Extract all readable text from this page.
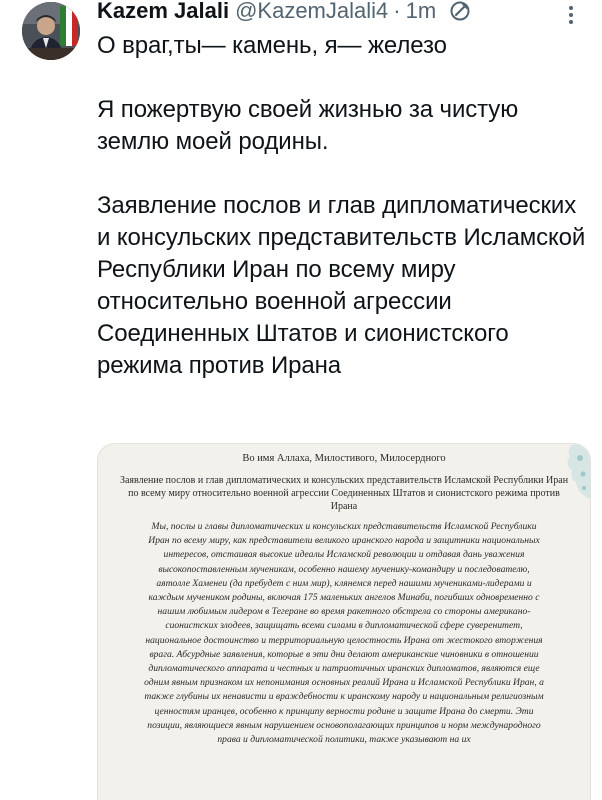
Kazem Jalali @KazemJalali4 · 1m

О враг,ты— камень, я— железо

Я пожертвую своей жизнью за чистую землю моей родины.

Заявление послов и глав дипломатических и консульских представительств Исламской Республики Иран по всему миру относительно военной агрессии Соединенных Штатов и сионистского режима против Ирана

Во имя Аллаха, Милостивого, Милосердного
Заявление послов и глав дипломатических и консульских представительств Исламской Республики Иран по всему миру относительно военной агрессии Соединенных Штатов и сионистского режима против Ирана
Мы, послы и главы дипломатических и консульских представительств Исламской Республики Иран по всему миру, как представители великого иранского народа и защитники национальных интересов, отстаивая высокие идеалы Исламской революции и отдавая дань уважения высокопоставленным мученикам, особенно нашему мученику-командиру и последователю, аятолле Хаменеи (да пребудет с ним мир), клянемся перед нашими мучениками-лидерами и каждым мучеником родины, включая 175 маленьких ангелов Минаби, погибших одновременно с нашим любимым лидером в Тегеране во время ракетного обстрела со стороны американо-сионистских злодеев, защищать всеми силами в дипломатической сфере суверенитет, национальное достоинство и территориальную целостность Ирана от жестокого вторжения врага. Абсурдные заявления, которые в эти дни делают американские чиновники в отношении дипломатического аппарата и честных и патриотичных иранских дипломатов, являются еще одним явным признаком их непонимания основных реалий Ирана и Исламской Республики Иран, а также глубины их ненависти и враждебности к иранскому народу и национальным религиозным ценностям иранцев, особенно к принципу верности родине и защите Ирана до смерти. Эти позиции, являющиеся явным нарушением основополагающих принципов и норм международного права и дипломатической политики, также указывают на их
